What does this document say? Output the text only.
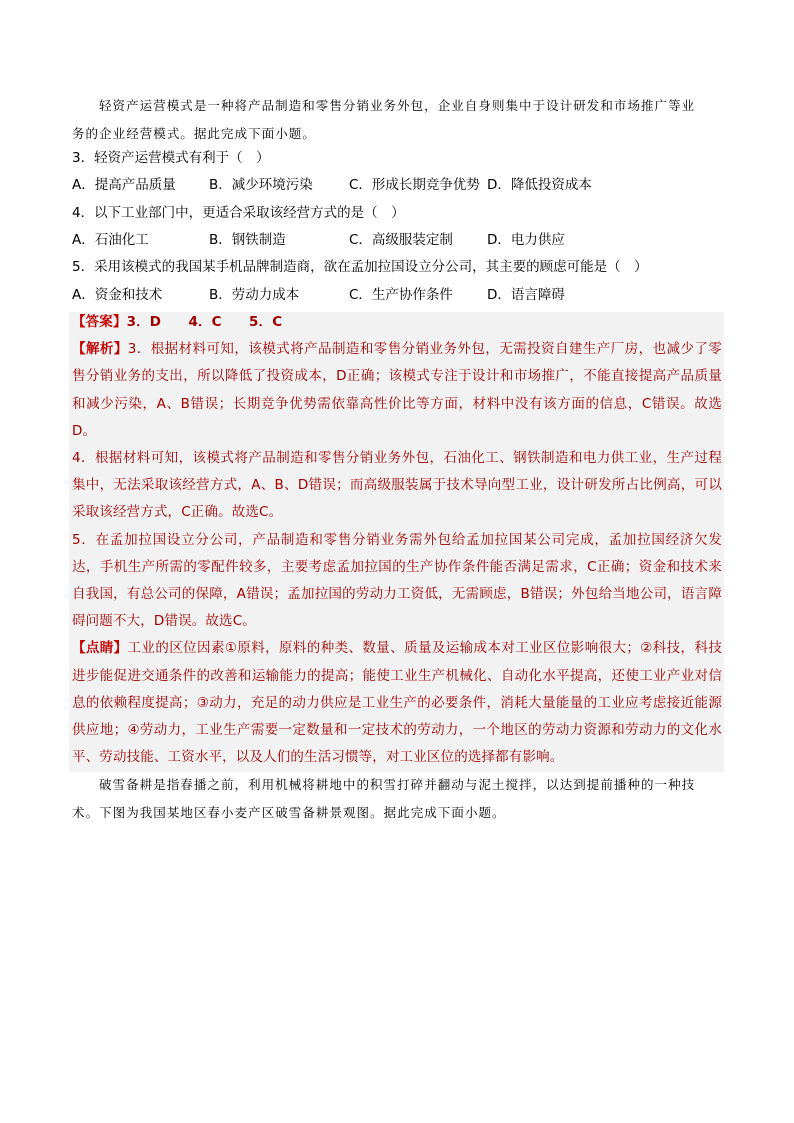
轻资产运营模式是一种将产品制造和零售分销业务外包，企业自身则集中于设计研发和市场推广等业
务的企业经营模式。据此完成下面小题。
3．轻资产运营模式有利于（　）
A．提高产品质量	B．减少环境污染	C．形成长期竞争优势 D．降低投资成本
4．以下工业部门中，更适合采取该经营方式的是（　）
A．石油化工	B．钢铁制造	C．高级服装定制	D．电力供应
5．采用该模式的我国某手机品牌制造商，欲在孟加拉国设立分公司，其主要的顾虑可能是（　）
A．资金和技术	B．劳动力成本	C．生产协作条件	D．语言障碍

【答案】3．D　　4．C　　5．C

【解析】3．根据材料可知，该模式将产品制造和零售分销业务外包，无需投资自建生产厂房，也减少了零售分销业务的支出，所以降低了投资成本，D正确；该模式专注于设计和市场推广，不能直接提高产品质量和减少污染，A、B错误；长期竞争优势需依靠高性价比等方面，材料中没有该方面的信息，C错误。故选D。

4．根据材料可知，该模式将产品制造和零售分销业务外包，石油化工、钢铁制造和电力供工业，生产过程集中，无法采取该经营方式，A、B、D错误；而高级服装属于技术导向型工业，设计研发所占比例高，可以采取该经营方式，C正确。故选C。

5．在孟加拉国设立分公司，产品制造和零售分销业务需外包给孟加拉国某公司完成，孟加拉国经济欠发达，手机生产所需的零配件较多，主要考虑孟加拉国的生产协作条件能否满足需求，C正确；资金和技术来自我国，有总公司的保障，A错误；孟加拉国的劳动力工资低，无需顾虑，B错误；外包给当地公司，语言障碍问题不大，D错误。故选C。

【点睛】工业的区位因素①原料，原料的种类、数量、质量及运输成本对工业区位影响很大；②科技，科技进步能促进交通条件的改善和运输能力的提高；能使工业生产机械化、自动化水平提高，还使工业产业对信息的依赖程度提高；③动力，充足的动力供应是工业生产的必要条件，消耗大量能量的工业应考虑接近能源供应地；④劳动力，工业生产需要一定数量和一定技术的劳动力，一个地区的劳动力资源和劳动力的文化水平、劳动技能、工资水平，以及人们的生活习惯等，对工业区位的选择都有影响。

破雪备耕是指春播之前，利用机械将耕地中的积雪打碎并翻动与泥土搅拌，以达到提前播种的一种技
术。下图为我国某地区春小麦产区破雪备耕景观图。据此完成下面小题。
